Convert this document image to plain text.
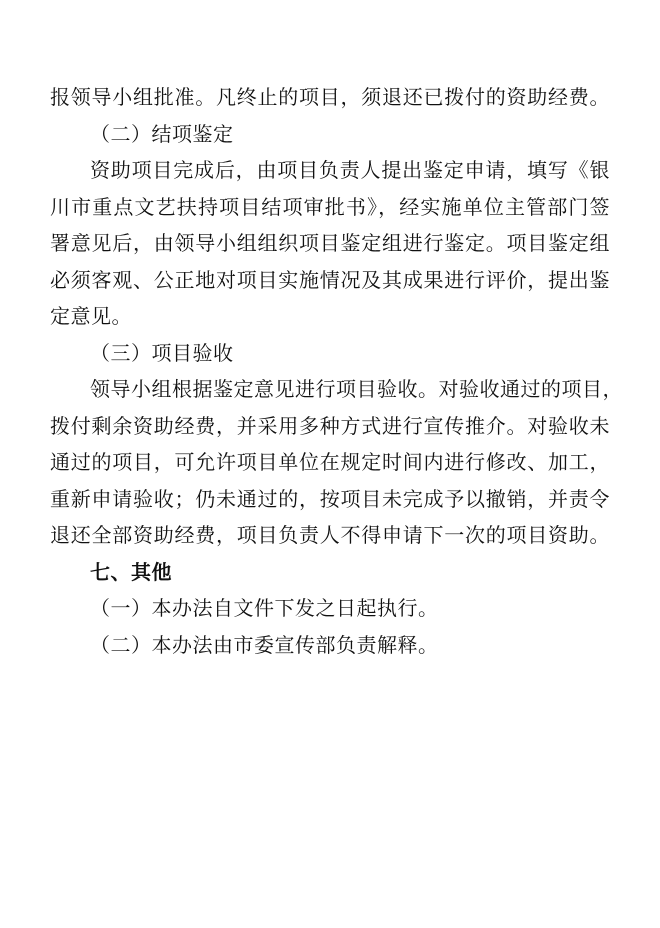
报领导小组批准。凡终止的项目，须退还已拨付的资助经费。
（二）结项鉴定
资助项目完成后，由项目负责人提出鉴定申请，填写《银
川市重点文艺扶持项目结项审批书》，经实施单位主管部门签
署意见后，由领导小组组织项目鉴定组进行鉴定。项目鉴定组
必须客观、公正地对项目实施情况及其成果进行评价，提出鉴
定意见。
（三）项目验收
领导小组根据鉴定意见进行项目验收。对验收通过的项目，
拨付剩余资助经费，并采用多种方式进行宣传推介。对验收未
通过的项目，可允许项目单位在规定时间内进行修改、加工，
重新申请验收；仍未通过的，按项目未完成予以撤销，并责令
退还全部资助经费，项目负责人不得申请下一次的项目资助。
七、其他
（一）本办法自文件下发之日起执行。
（二）本办法由市委宣传部负责解释。
